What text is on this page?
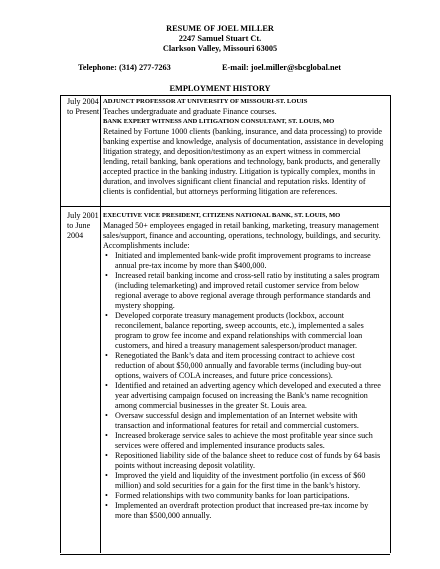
RESUME OF JOEL MILLER
2247 Samuel Stuart Ct.
Clarkson Valley, Missouri 63005
Telephone: (314) 277-7263	E-mail: joel.miller@sbcglobal.net
EMPLOYMENT HISTORY
July 2004 to Present
ADJUNCT PROFESSOR AT UNIVERSITY OF MISSOURI-ST. LOUIS
Teaches undergraduate and graduate Finance courses.
BANK EXPERT WITNESS AND LITIGATION CONSULTANT, ST. LOUIS, MO
Retained by Fortune 1000 clients (banking, insurance, and data processing) to provide banking expertise and knowledge, analysis of documentation, assistance in developing litigation strategy, and deposition/testimony as an expert witness in commercial lending, retail banking, bank operations and technology, bank products, and generally accepted practice in the banking industry. Litigation is typically complex, months in duration, and involves significant client financial and reputation risks. Identity of clients is confidential, but attorneys performing litigation are references.
July 2001 to June 2004
EXECUTIVE VICE PRESIDENT, CITIZENS NATIONAL BANK, ST. LOUIS, MO
Managed 50+ employees engaged in retail banking, marketing, treasury management sales/support, finance and accounting, operations, technology, buildings, and security. Accomplishments include:
• Initiated and implemented bank-wide profit improvement programs to increase annual pre-tax income by more than $400,000.
• Increased retail banking income and cross-sell ratio by instituting a sales program (including telemarketing) and improved retail customer service from below regional average to above regional average through performance standards and mystery shopping.
• Developed corporate treasury management products (lockbox, account reconcilement, balance reporting, sweep accounts, etc.), implemented a sales program to grow fee income and expand relationships with commercial loan customers, and hired a treasury management salesperson/product manager.
• Renegotiated the Bank’s data and item processing contract to achieve cost reduction of about $50,000 annually and favorable terms (including buy-out options, waivers of COLA increases, and future price concessions).
• Identified and retained an adverting agency which developed and executed a three year advertising campaign focused on increasing the Bank’s name recognition among commercial businesses in the greater St. Louis area.
• Oversaw successful design and implementation of an Internet website with transaction and informational features for retail and commercial customers.
• Increased brokerage service sales to achieve the most profitable year since such services were offered and implemented insurance products sales.
• Repositioned liability side of the balance sheet to reduce cost of funds by 64 basis points without increasing deposit volatility.
• Improved the yield and liquidity of the investment portfolio (in excess of $60 million) and sold securities for a gain for the first time in the bank’s history.
• Formed relationships with two community banks for loan participations.
• Implemented an overdraft protection product that increased pre-tax income by more than $500,000 annually.
